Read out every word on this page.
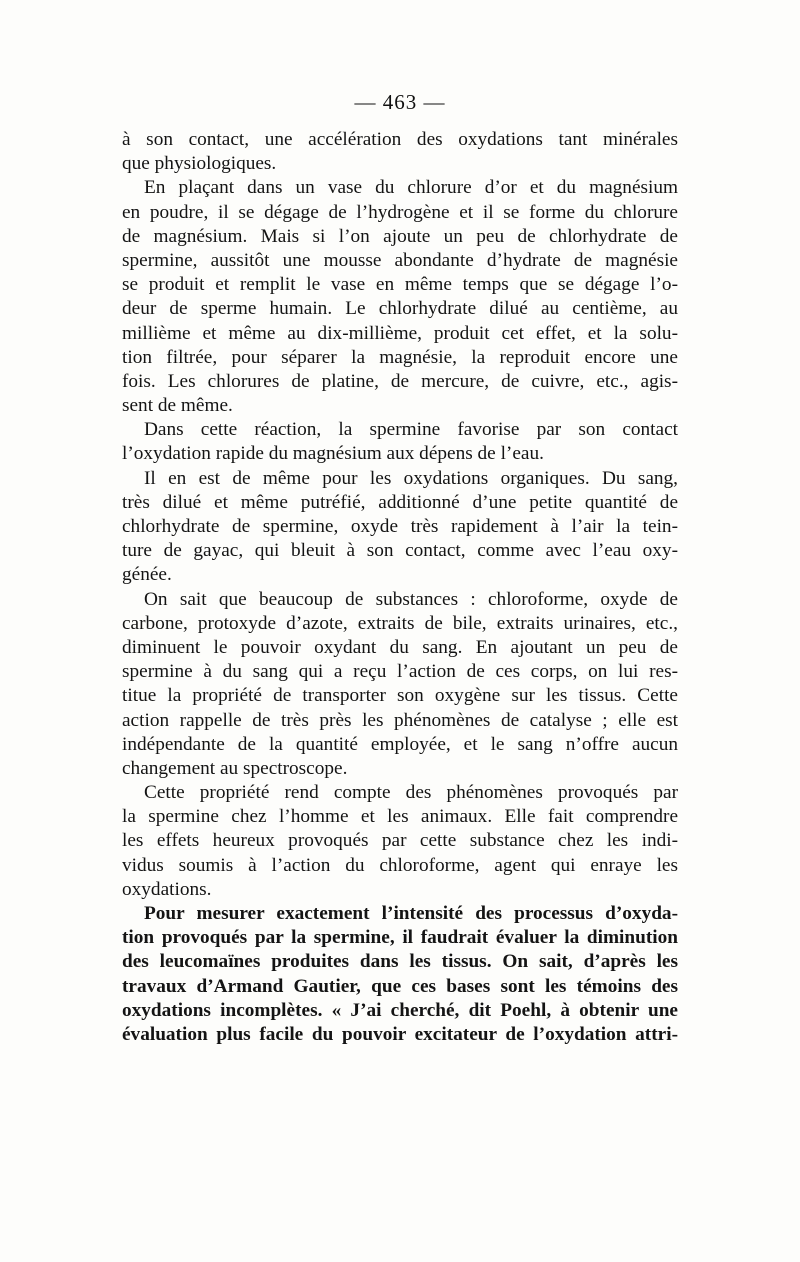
— 463 —
à son contact, une accélération des oxydations tant minérales
que physiologiques.
En plaçant dans un vase du chlorure d’or et du magnésium
en poudre, il se dégage de l’hydrogène et il se forme du chlorure
de magnésium. Mais si l’on ajoute un peu de chlorhydrate de
spermine, aussitôt une mousse abondante d’hydrate de magnésie
se produit et remplit le vase en même temps que se dégage l’o-
deur de sperme humain. Le chlorhydrate dilué au centième, au
millième et même au dix-millième, produit cet effet, et la solu-
tion filtrée, pour séparer la magnésie, la reproduit encore une
fois. Les chlorures de platine, de mercure, de cuivre, etc., agis-
sent de même.
Dans cette réaction, la spermine favorise par son contact
l’oxydation rapide du magnésium aux dépens de l’eau.
Il en est de même pour les oxydations organiques. Du sang,
très dilué et même putréfié, additionné d’une petite quantité de
chlorhydrate de spermine, oxyde très rapidement à l’air la tein-
ture de gayac, qui bleuit à son contact, comme avec l’eau oxy-
génée.
On sait que beaucoup de substances : chloroforme, oxyde de
carbone, protoxyde d’azote, extraits de bile, extraits urinaires, etc.,
diminuent le pouvoir oxydant du sang. En ajoutant un peu de
spermine à du sang qui a reçu l’action de ces corps, on lui res-
titue la propriété de transporter son oxygène sur les tissus. Cette
action rappelle de très près les phénomènes de catalyse ; elle est
indépendante de la quantité employée, et le sang n’offre aucun
changement au spectroscope.
Cette propriété rend compte des phénomènes provoqués par
la spermine chez l’homme et les animaux. Elle fait comprendre
les effets heureux provoqués par cette substance chez les indi-
vidus soumis à l’action du chloroforme, agent qui enraye les
oxydations.
Pour mesurer exactement l’intensité des processus d’oxyda-
tion provoqués par la spermine, il faudrait évaluer la diminution
des leucomaïnes produites dans les tissus. On sait, d’après les
travaux d’Armand Gautier, que ces bases sont les témoins des
oxydations incomplètes. « J’ai cherché, dit Poehl, à obtenir une
évaluation plus facile du pouvoir excitateur de l’oxydation attri-
